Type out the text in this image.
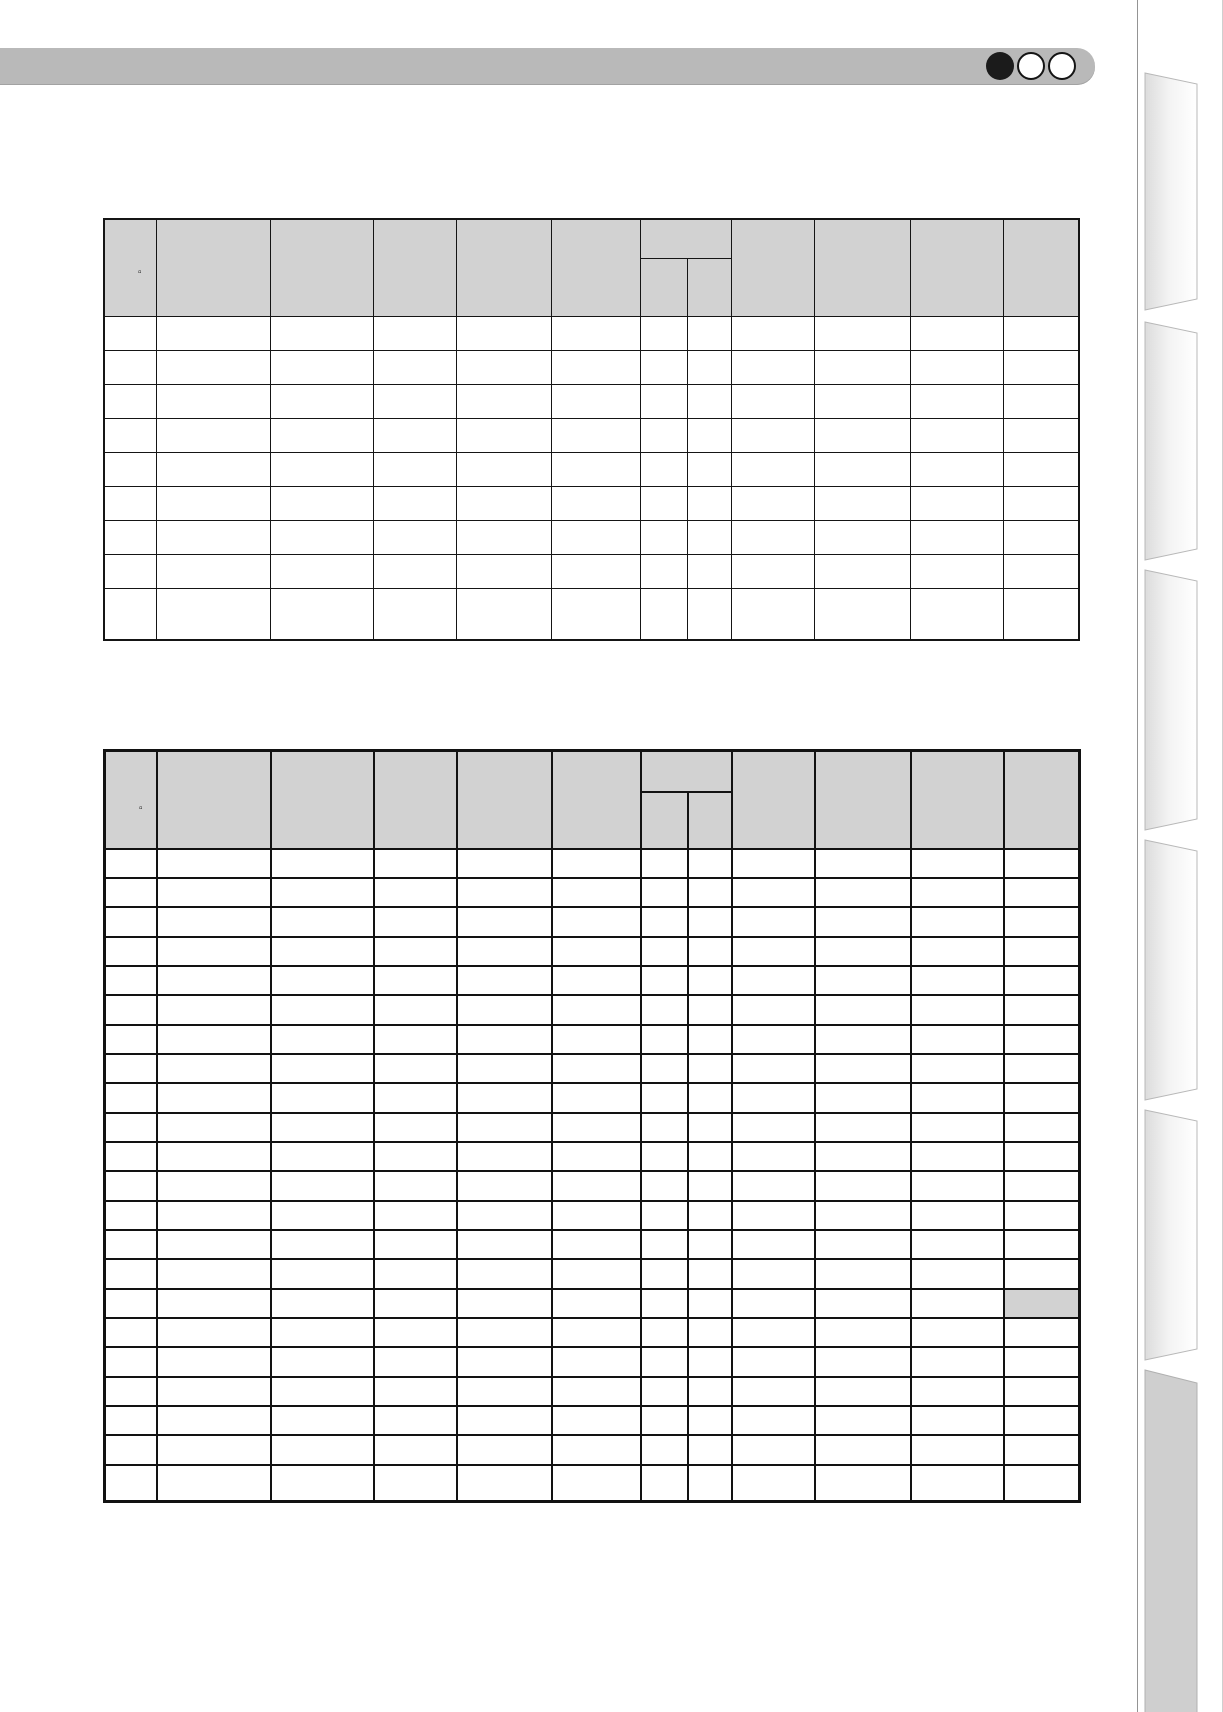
▫											

▫											
